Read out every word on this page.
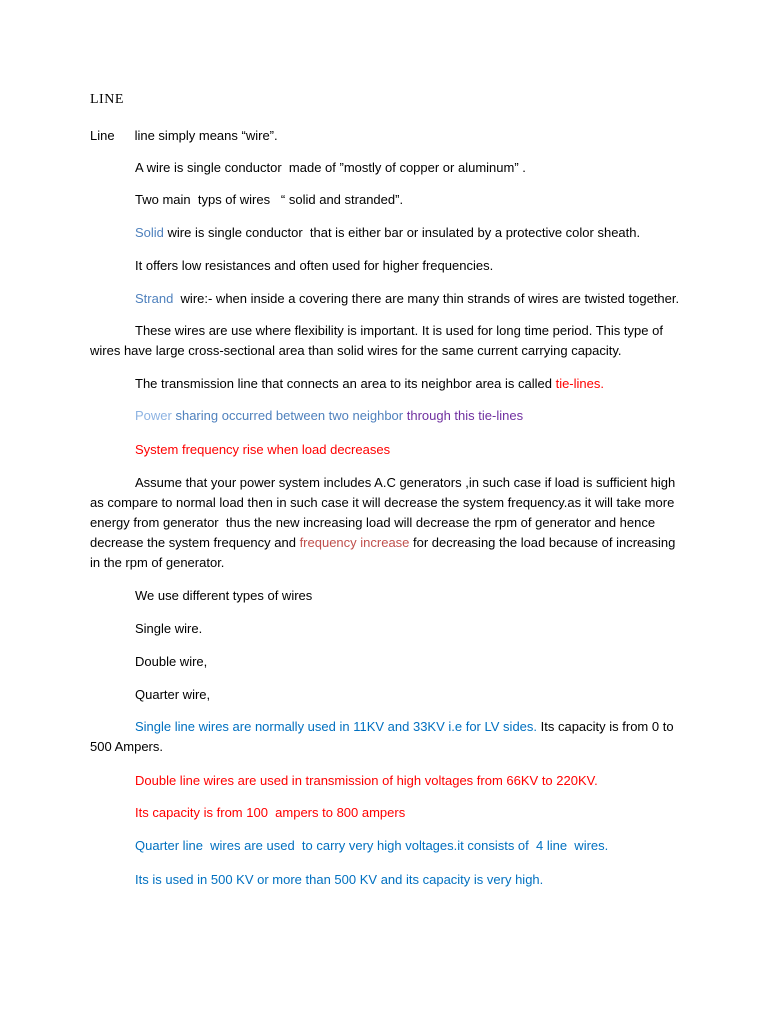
LINE

Line line simply means “wire”.

A wire is single conductor  made of ”mostly of copper or aluminum” .

Two main  typs of wires   “ solid and stranded”.

Solid wire is single conductor  that is either bar or insulated by a protective color sheath.

It offers low resistances and often used for higher frequencies.

Strand  wire:- when inside a covering there are many thin strands of wires are twisted together.

These wires are use where flexibility is important. It is used for long time period. This type of wires have large cross-sectional area than solid wires for the same current carrying capacity.

The transmission line that connects an area to its neighbor area is called tie-lines.

Power sharing occurred between two neighbor through this tie-lines

System frequency rise when load decreases

Assume that your power system includes A.C generators ,in such case if load is sufficient high as compare to normal load then in such case it will decrease the system frequency.as it will take more energy from generator  thus the new increasing load will decrease the rpm of generator and hence decrease the system frequency and frequency increase for decreasing the load because of increasing in the rpm of generator.

We use different types of wires

Single wire.

Double wire,

Quarter wire,

Single line wires are normally used in 11KV and 33KV i.e for LV sides. Its capacity is from 0 to 500 Ampers.

Double line wires are used in transmission of high voltages from 66KV to 220KV.

Its capacity is from 100  ampers to 800 ampers

Quarter line  wires are used  to carry very high voltages.it consists of  4 line  wires.

Its is used in 500 KV or more than 500 KV and its capacity is very high.
